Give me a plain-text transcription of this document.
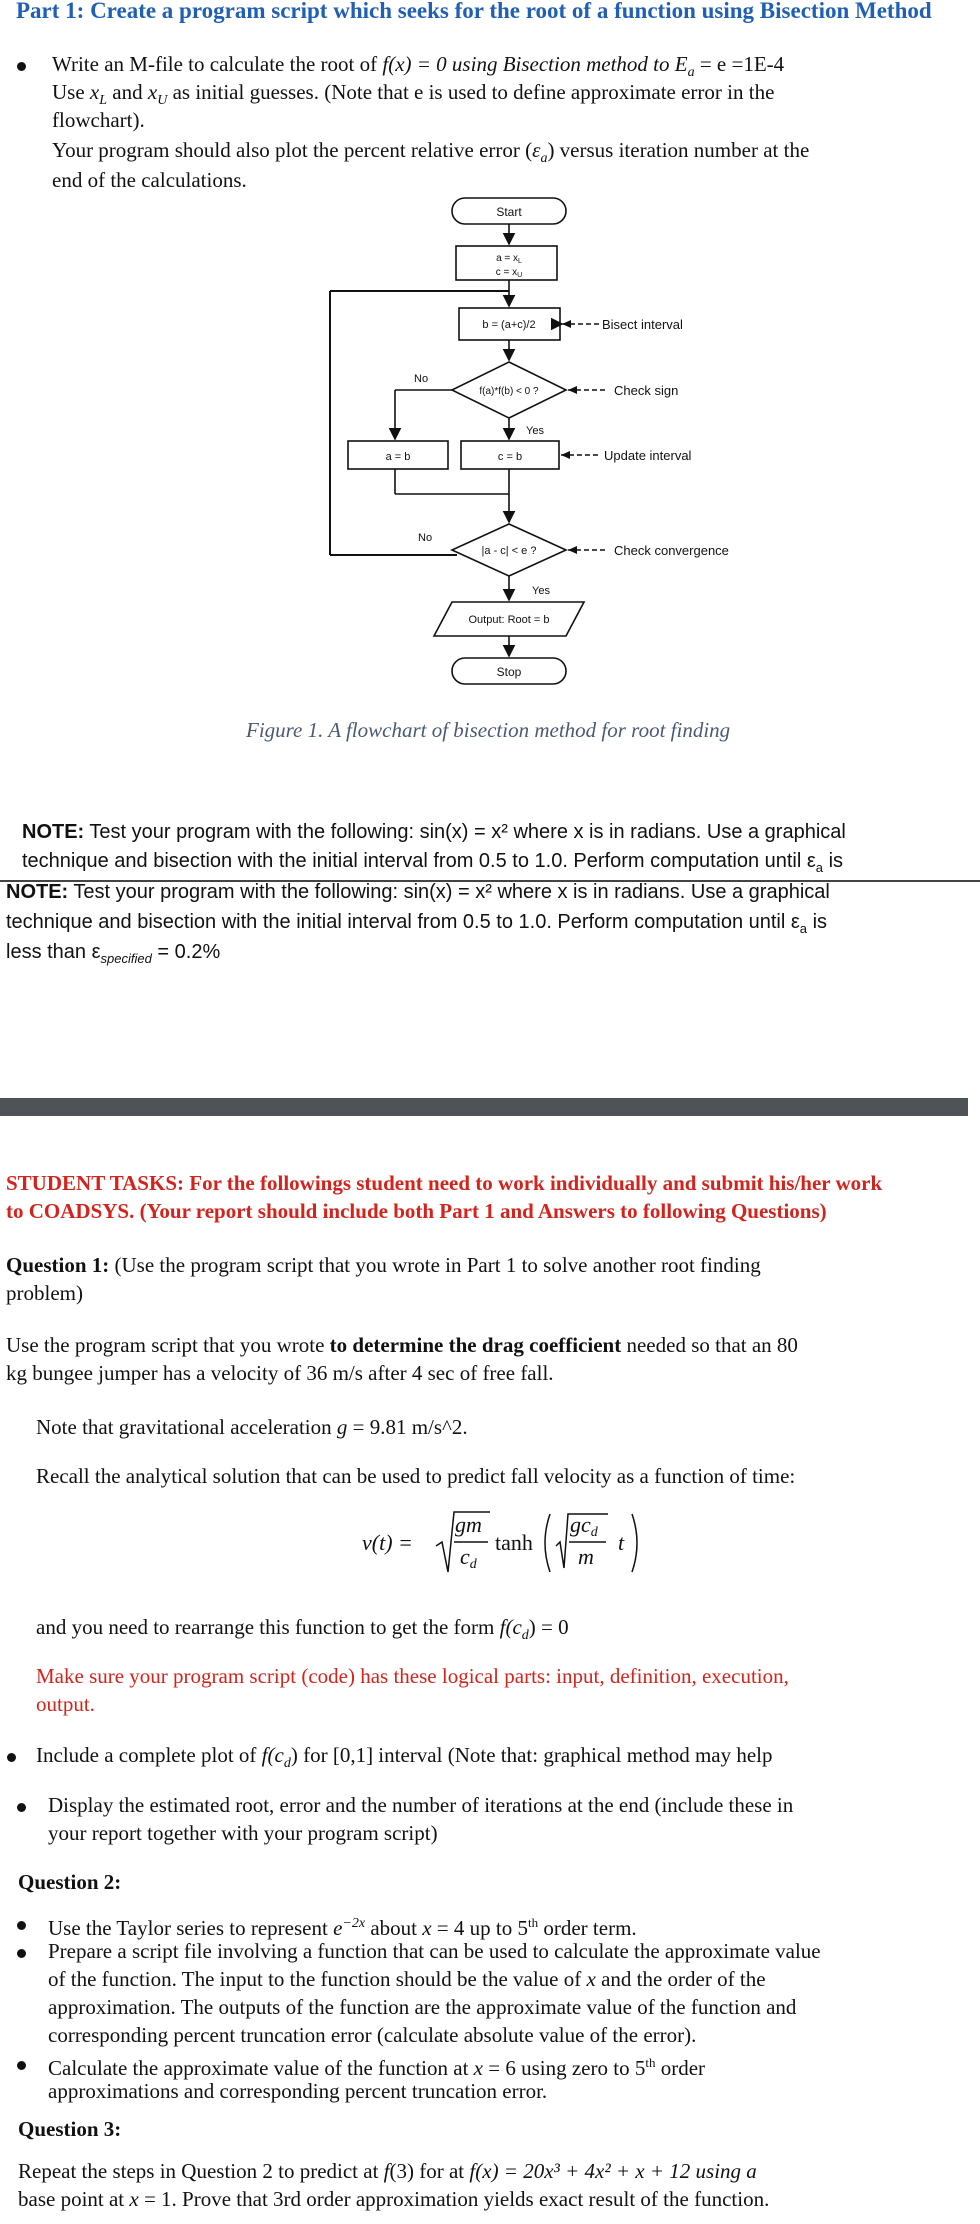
Part 1: Create a program script which seeks for the root of a function using Bisection Method
Write an M-file to calculate the root of f(x) = 0 using Bisection method to $E_a = e =1E-4$
Use $x_L$ and $x_U$ as initial guesses. (Note that e is used to define approximate error in the
flowchart).
Your program should also plot the percent relative error $(\varepsilon_a)$ versus iteration number at the
end of the calculations.
Start
$a = x_L$
$c = x_U$
b = (a+c)/2	Bisect interval
f(a)*f(b) < 0 ?	Check sign
No
Yes
a = b	c = b	Update interval
|a - c| < e ?	Check convergence
No
Yes
Output: Root = b
Stop
Figure 1. A flowchart of bisection method for root finding
NOTE: Test your program with the following: sin(x) = x² where x is in radians. Use a graphical
technique and bisection with the initial interval from 0.5 to 1.0. Perform computation until $\varepsilon_a$ is
NOTE: Test your program with the following: sin(x) = x² where x is in radians. Use a graphical
technique and bisection with the initial interval from 0.5 to 1.0. Perform computation until $\varepsilon_a$ is
less than $\varepsilon_{specified} = 0.2\%$
STUDENT TASKS: For the followings student need to work individually and submit his/her work
to COADSYS. (Your report should include both Part 1 and Answers to following Questions)
Question 1: (Use the program script that you wrote in Part 1 to solve another root finding
problem)
Use the program script that you wrote to determine the drag coefficient needed so that an 80
kg bungee jumper has a velocity of 36 m/s after 4 sec of free fall.
Note that gravitational acceleration g = 9.81 m/s^2.
Recall the analytical solution that can be used to predict fall velocity as a function of time:
v(t) =
gm
cd
tanh
gcd
m
t
and you need to rearrange this function to get the form $f(c_d) = 0$
Make sure your program script (code) has these logical parts: input, definition, execution,
output.
Include a complete plot of $f(c_d)$ for [0,1] interval (Note that: graphical method may help
Display the estimated root, error and the number of iterations at the end (include these in
your report together with your program script)
Question 2:
Use the Taylor series to represent $e^{-2x}$ about x = 4 up to 5th order term.
Prepare a script file involving a function that can be used to calculate the approximate value
of the function. The input to the function should be the value of x and the order of the
approximation. The outputs of the function are the approximate value of the function and
corresponding percent truncation error (calculate absolute value of the error).
Calculate the approximate value of the function at x = 6 using zero to 5th order
approximations and corresponding percent truncation error.
Question 3:
Repeat the steps in Question 2 to predict at f(3) for at f(x) = 20x³ + 4x² + x + 12 using a
base point at x = 1. Prove that 3rd order approximation yields exact result of the function.
